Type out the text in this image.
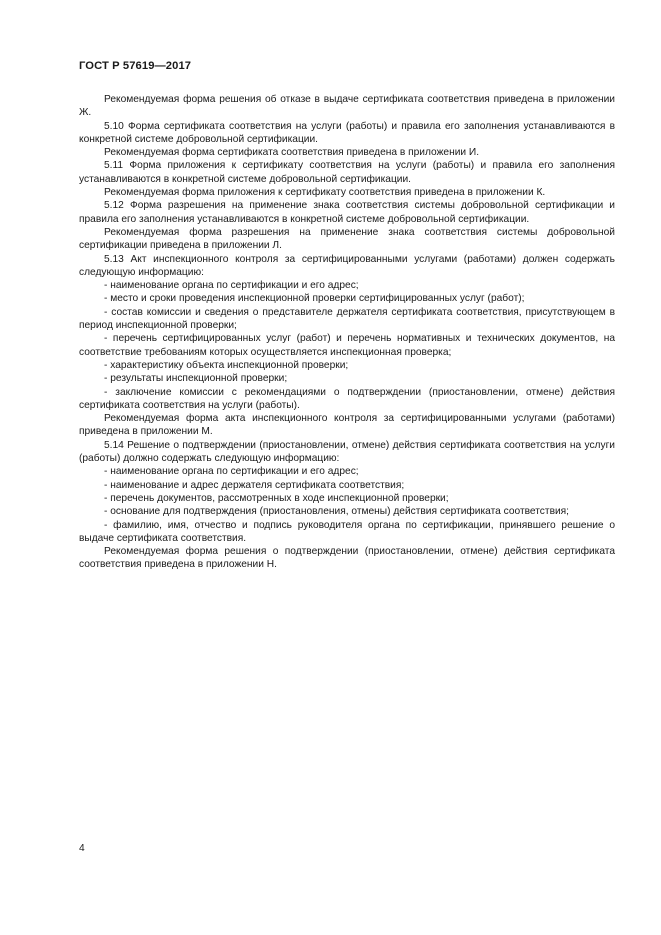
ГОСТ Р 57619—2017

Рекомендуемая форма решения об отказе в выдаче сертификата соответствия приведена в приложении Ж.

5.10 Форма сертификата соответствия на услуги (работы) и правила его заполнения устанавливаются в конкретной системе добровольной сертификации.

Рекомендуемая форма сертификата соответствия приведена в приложении И.

5.11 Форма приложения к сертификату соответствия на услуги (работы) и правила его заполнения устанавливаются в конкретной системе добровольной сертификации.

Рекомендуемая форма приложения к сертификату соответствия приведена в приложении К.

5.12 Форма разрешения на применение знака соответствия системы добровольной сертификации и правила его заполнения устанавливаются в конкретной системе добровольной сертификации.

Рекомендуемая форма разрешения на применение знака соответствия системы добровольной сертификации приведена в приложении Л.

5.13 Акт инспекционного контроля за сертифицированными услугами (работами) должен содержать следующую информацию:

- наименование органа по сертификации и его адрес;

- место и сроки проведения инспекционной проверки сертифицированных услуг (работ);

- состав комиссии и сведения о представителе держателя сертификата соответствия, присутствующем в период инспекционной проверки;

- перечень сертифицированных услуг (работ) и перечень нормативных и технических документов, на соответствие требованиям которых осуществляется инспекционная проверка;

- характеристику объекта инспекционной проверки;

- результаты инспекционной проверки;

- заключение комиссии с рекомендациями о подтверждении (приостановлении, отмене) действия сертификата соответствия на услуги (работы).

Рекомендуемая форма акта инспекционного контроля за сертифицированными услугами (работами) приведена в приложении М.

5.14 Решение о подтверждении (приостановлении, отмене) действия сертификата соответствия на услуги (работы) должно содержать следующую информацию:

- наименование органа по сертификации и его адрес;

- наименование и адрес держателя сертификата соответствия;

- перечень документов, рассмотренных в ходе инспекционной проверки;

- основание для подтверждения (приостановления, отмены) действия сертификата соответствия;

- фамилию, имя, отчество и подпись руководителя органа по сертификации, принявшего решение о выдаче сертификата соответствия.

Рекомендуемая форма решения о подтверждении (приостановлении, отмене) действия сертификата соответствия приведена в приложении Н.

4
